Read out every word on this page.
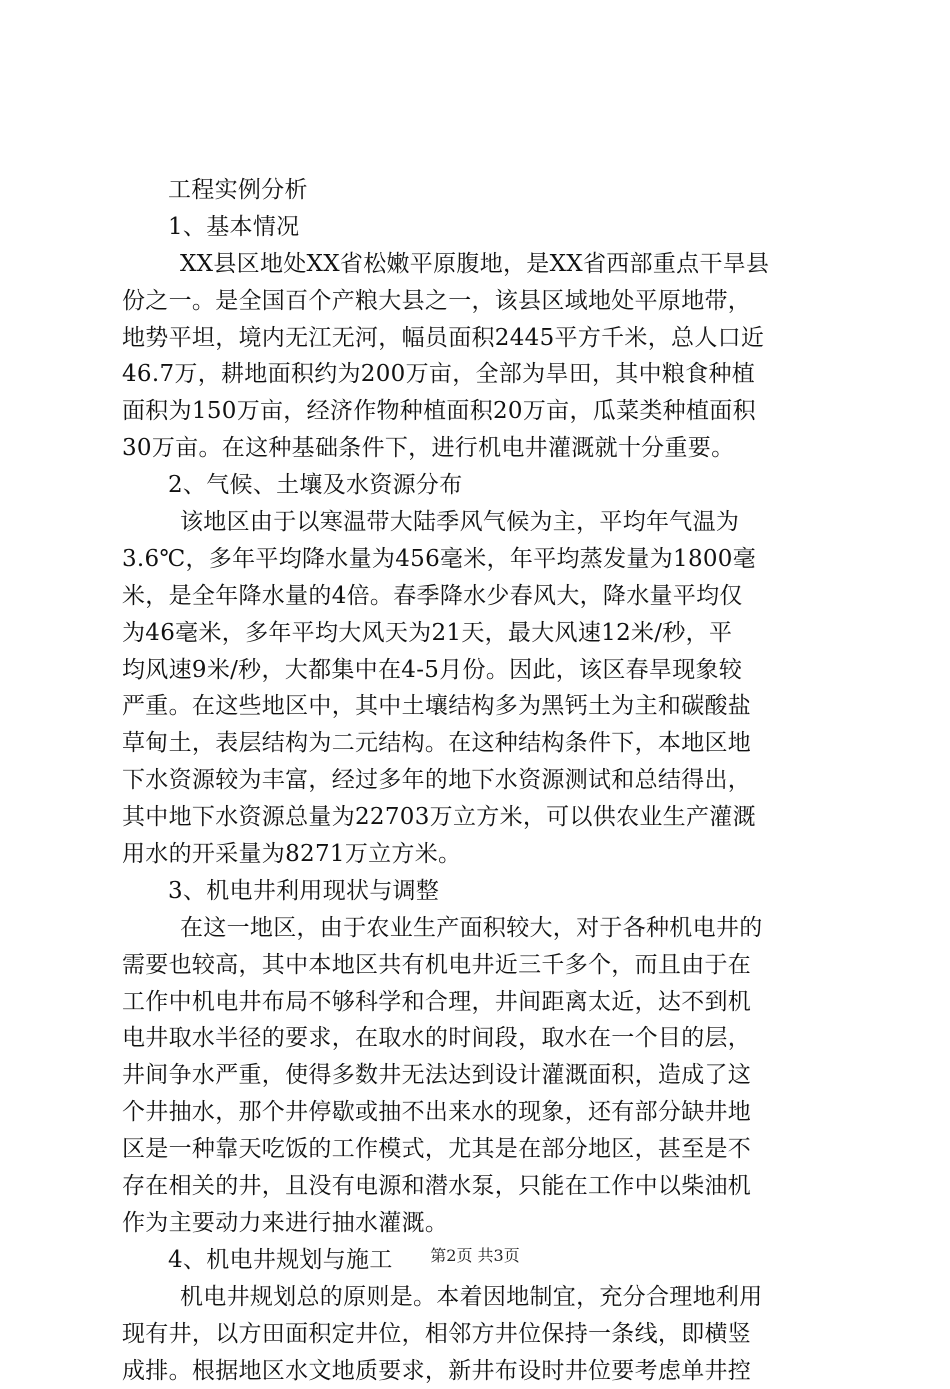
工程实例分析
1、基本情况
XX县区地处XX省松嫩平原腹地，是XX省西部重点干旱县
份之一。是全国百个产粮大县之一，该县区域地处平原地带，
地势平坦，境内无江无河，幅员面积2445平方千米，总人口近
46.7万，耕地面积约为200万亩，全部为旱田，其中粮食种植
面积为150万亩，经济作物种植面积20万亩，瓜菜类种植面积
30万亩。在这种基础条件下，进行机电井灌溉就十分重要。
2、气候、土壤及水资源分布
该地区由于以寒温带大陆季风气候为主，平均年气温为
3.6℃，多年平均降水量为456毫米，年平均蒸发量为1800毫
米，是全年降水量的4倍。春季降水少春风大，降水量平均仅
为46毫米，多年平均大风天为21天，最大风速12米/秒，平
均风速9米/秒，大都集中在4-5月份。因此，该区春旱现象较
严重。在这些地区中，其中土壤结构多为黑钙土为主和碳酸盐
草甸土，表层结构为二元结构。在这种结构条件下，本地区地
下水资源较为丰富，经过多年的地下水资源测试和总结得出，
其中地下水资源总量为22703万立方米，可以供农业生产灌溉
用水的开采量为8271万立方米。
3、机电井利用现状与调整
在这一地区，由于农业生产面积较大，对于各种机电井的
需要也较高，其中本地区共有机电井近三千多个，而且由于在
工作中机电井布局不够科学和合理，井间距离太近，达不到机
电井取水半径的要求，在取水的时间段，取水在一个目的层，
井间争水严重，使得多数井无法达到设计灌溉面积，造成了这
个井抽水，那个井停歇或抽不出来水的现象，还有部分缺井地
区是一种靠天吃饭的工作模式，尤其是在部分地区，甚至是不
存在相关的井，且没有电源和潜水泵，只能在工作中以柴油机
作为主要动力来进行抽水灌溉。
4、机电井规划与施工
机电井规划总的原则是。本着因地制宜，充分合理地利用
现有井，以方田面积定井位，相邻方井位保持一条线，即横竖
成排。根据地区水文地质要求，新井布设时井位要考虑单井控
第2页 共3页
